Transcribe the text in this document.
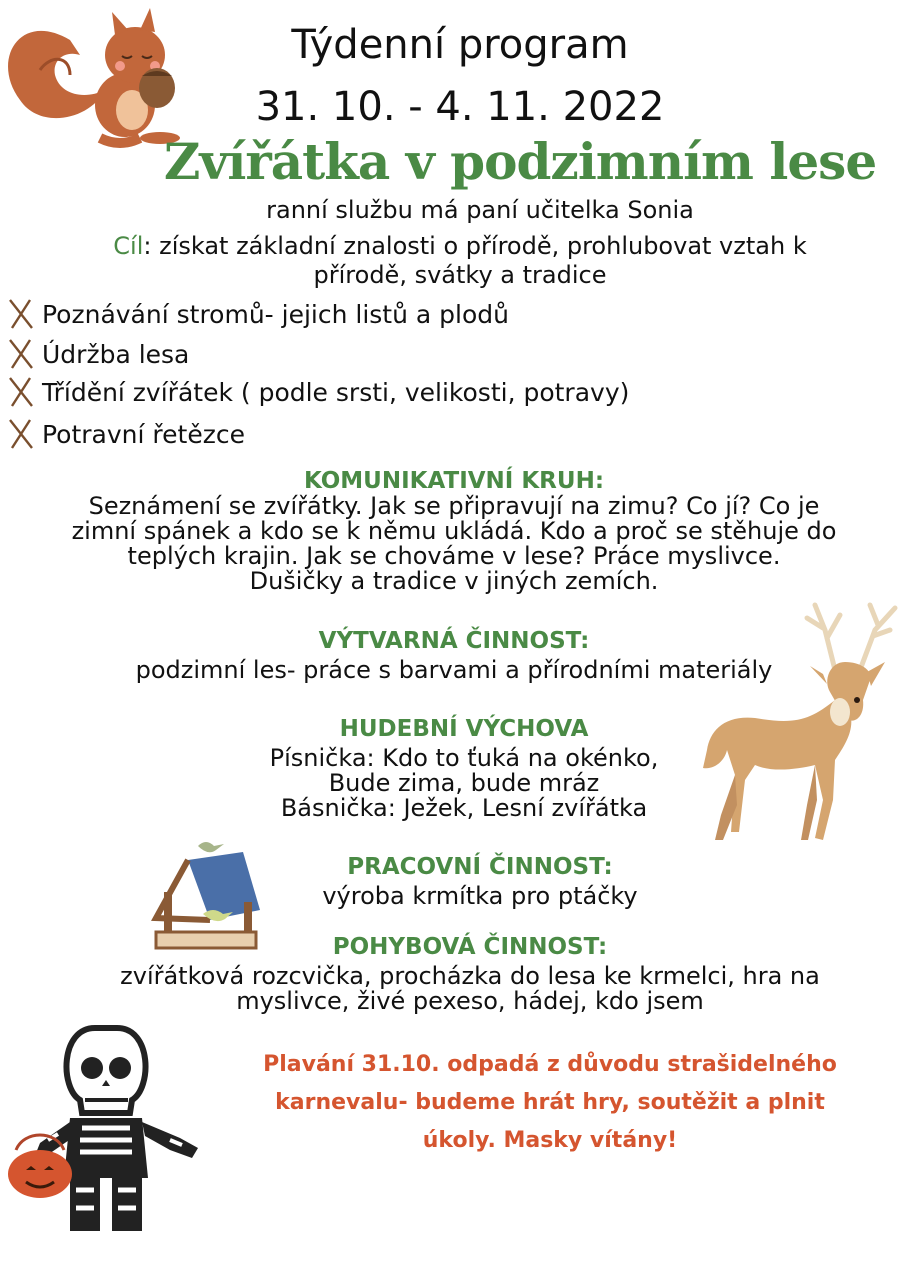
Týdenní program
31. 10. - 4. 11. 2022
Zvířátka v podzimním lese
ranní službu má paní učitelka Sonia
Cíl: získat základní znalosti o přírodě, prohlubovat vztah k
přírodě, svátky a tradice
Poznávání stromů- jejich listů a plodů
Údržba lesa
Třídění zvířátek ( podle srsti, velikosti, potravy)
Potravní řetězce
KOMUNIKATIVNÍ KRUH:
Seznámení se zvířátky. Jak se připravují na zimu? Co jí? Co je
zimní spánek a kdo se k němu ukládá. Kdo a proč se stěhuje do
teplých krajin. Jak se chováme v lese? Práce myslivce.
Dušičky a tradice v jiných zemích.
VÝTVARNÁ ČINNOST:
podzimní les- práce s barvami a přírodními materiály
HUDEBNÍ VÝCHOVA
Písnička: Kdo to ťuká na okénko,
Bude zima, bude mráz
Básnička: Ježek, Lesní zvířátka
PRACOVNÍ ČINNOST:
výroba krmítka pro ptáčky
POHYBOVÁ ČINNOST:
zvířátková rozcvička, procházka do lesa ke krmelci, hra na
myslivce, živé pexeso, hádej, kdo jsem
Plavání 31.10. odpadá z důvodu strašidelného
karnevalu- budeme hrát hry, soutěžit a plnit
úkoly. Masky vítány!
